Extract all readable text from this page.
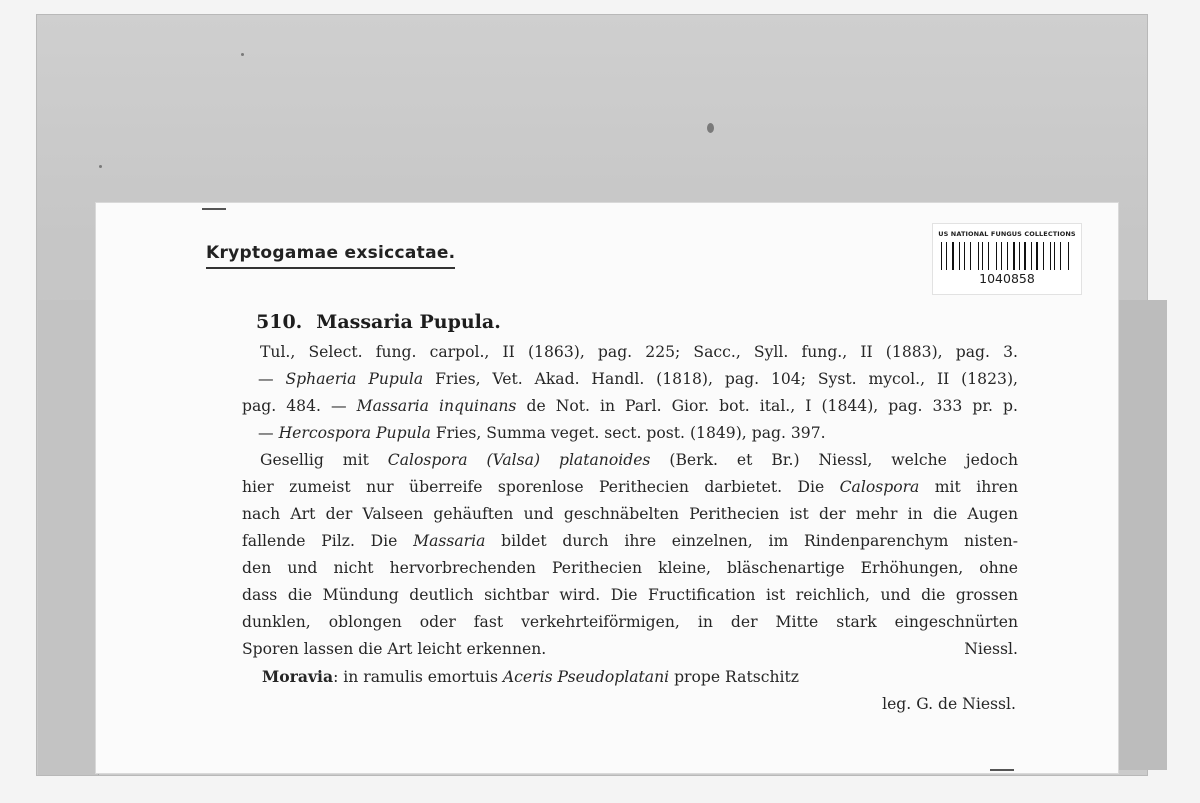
Kryptogamae exsiccatae.
US NATIONAL FUNGUS COLLECTIONS
1040858
510. Massaria Pupula.
Tul., Select. fung. carpol., II (1863), pag. 225; Sacc., Syll. fung., II (1883), pag. 3.
— Sphaeria Pupula Fries, Vet. Akad. Handl. (1818), pag. 104; Syst. mycol., II (1823),
pag. 484. — Massaria inquinans de Not. in Parl. Gior. bot. ital., I (1844), pag. 333 pr. p.
— Hercospora Pupula Fries, Summa veget. sect. post. (1849), pag. 397.
Gesellig mit Calospora (Valsa) platanoides (Berk. et Br.) Niessl, welche jedoch
hier zumeist nur überreife sporenlose Perithecien darbietet. Die Calospora mit ihren
nach Art der Valseen gehäuften und geschnäbelten Perithecien ist der mehr in die Augen
fallende Pilz. Die Massaria bildet durch ihre einzelnen, im Rindenparenchym nisten-
den und nicht hervorbrechenden Perithecien kleine, bläschenartige Erhöhungen, ohne
dass die Mündung deutlich sichtbar wird. Die Fructification ist reichlich, und die grossen
dunklen, oblongen oder fast verkehrteiförmigen, in der Mitte stark eingeschnürten
Sporen lassen die Art leicht erkennen.	Niessl.
Moravia: in ramulis emortuis Aceris Pseudoplatani prope Ratschitz
leg. G. de Niessl.
